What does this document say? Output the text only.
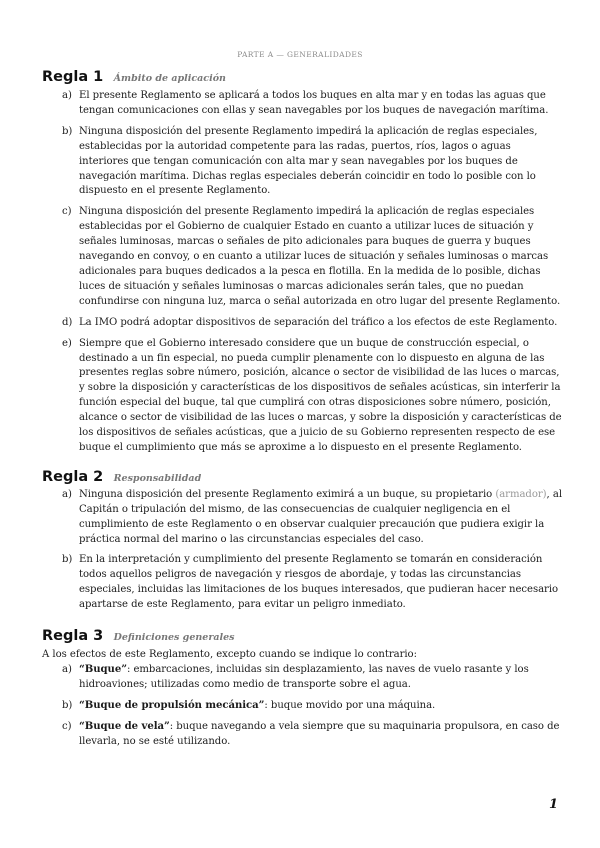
PARTE A — GENERALIDADES
Regla 1 Ámbito de aplicación
a) El presente Reglamento se aplicará a todos los buques en alta mar y en todas las aguas que tengan comunicaciones con ellas y sean navegables por los buques de navegación marítima.
b) Ninguna disposición del presente Reglamento impedirá la aplicación de reglas especiales, establecidas por la autoridad competente para las radas, puertos, ríos, lagos o aguas interiores que tengan comunicación con alta mar y sean navegables por los buques de navegación marítima. Dichas reglas especiales deberán coincidir en todo lo posible con lo dispuesto en el presente Reglamento.
c) Ninguna disposición del presente Reglamento impedirá la aplicación de reglas especiales establecidas por el Gobierno de cualquier Estado en cuanto a utilizar luces de situación y señales luminosas, marcas o señales de pito adicionales para buques de guerra y buques navegando en convoy, o en cuanto a utilizar luces de situación y señales luminosas o marcas adicionales para buques dedicados a la pesca en flotilla. En la medida de lo posible, dichas luces de situación y señales luminosas o marcas adicionales serán tales, que no puedan confundirse con ninguna luz, marca o señal autorizada en otro lugar del presente Reglamento.
d) La IMO podrá adoptar dispositivos de separación del tráfico a los efectos de este Reglamento.
e) Siempre que el Gobierno interesado considere que un buque de construcción especial, o destinado a un fin especial, no pueda cumplir plenamente con lo dispuesto en alguna de las presentes reglas sobre número, posición, alcance o sector de visibilidad de las luces o marcas, y sobre la disposición y características de los dispositivos de señales acústicas, sin interferir la función especial del buque, tal que cumplirá con otras disposiciones sobre número, posición, alcance o sector de visibilidad de las luces o marcas, y sobre la disposición y características de los dispositivos de señales acústicas, que a juicio de su Gobierno representen respecto de ese buque el cumplimiento que más se aproxime a lo dispuesto en el presente Reglamento.
Regla 2 Responsabilidad
a) Ninguna disposición del presente Reglamento eximirá a un buque, su propietario (armador), al Capitán o tripulación del mismo, de las consecuencias de cualquier negligencia en el cumplimiento de este Reglamento o en observar cualquier precaución que pudiera exigir la práctica normal del marino o las circunstancias especiales del caso.
b) En la interpretación y cumplimiento del presente Reglamento se tomarán en consideración todos aquellos peligros de navegación y riesgos de abordaje, y todas las circunstancias especiales, incluidas las limitaciones de los buques interesados, que pudieran hacer necesario apartarse de este Reglamento, para evitar un peligro inmediato.
Regla 3 Definiciones generales

A los efectos de este Reglamento, excepto cuando se indique lo contrario:

a) “Buque”: embarcaciones, incluidas sin desplazamiento, las naves de vuelo rasante y los hidroaviones; utilizadas como medio de transporte sobre el agua.
b) “Buque de propulsión mecánica”: buque movido por una máquina.
c) “Buque de vela”: buque navegando a vela siempre que su maquinaria propulsora, en caso de llevarla, no se esté utilizando.
1
